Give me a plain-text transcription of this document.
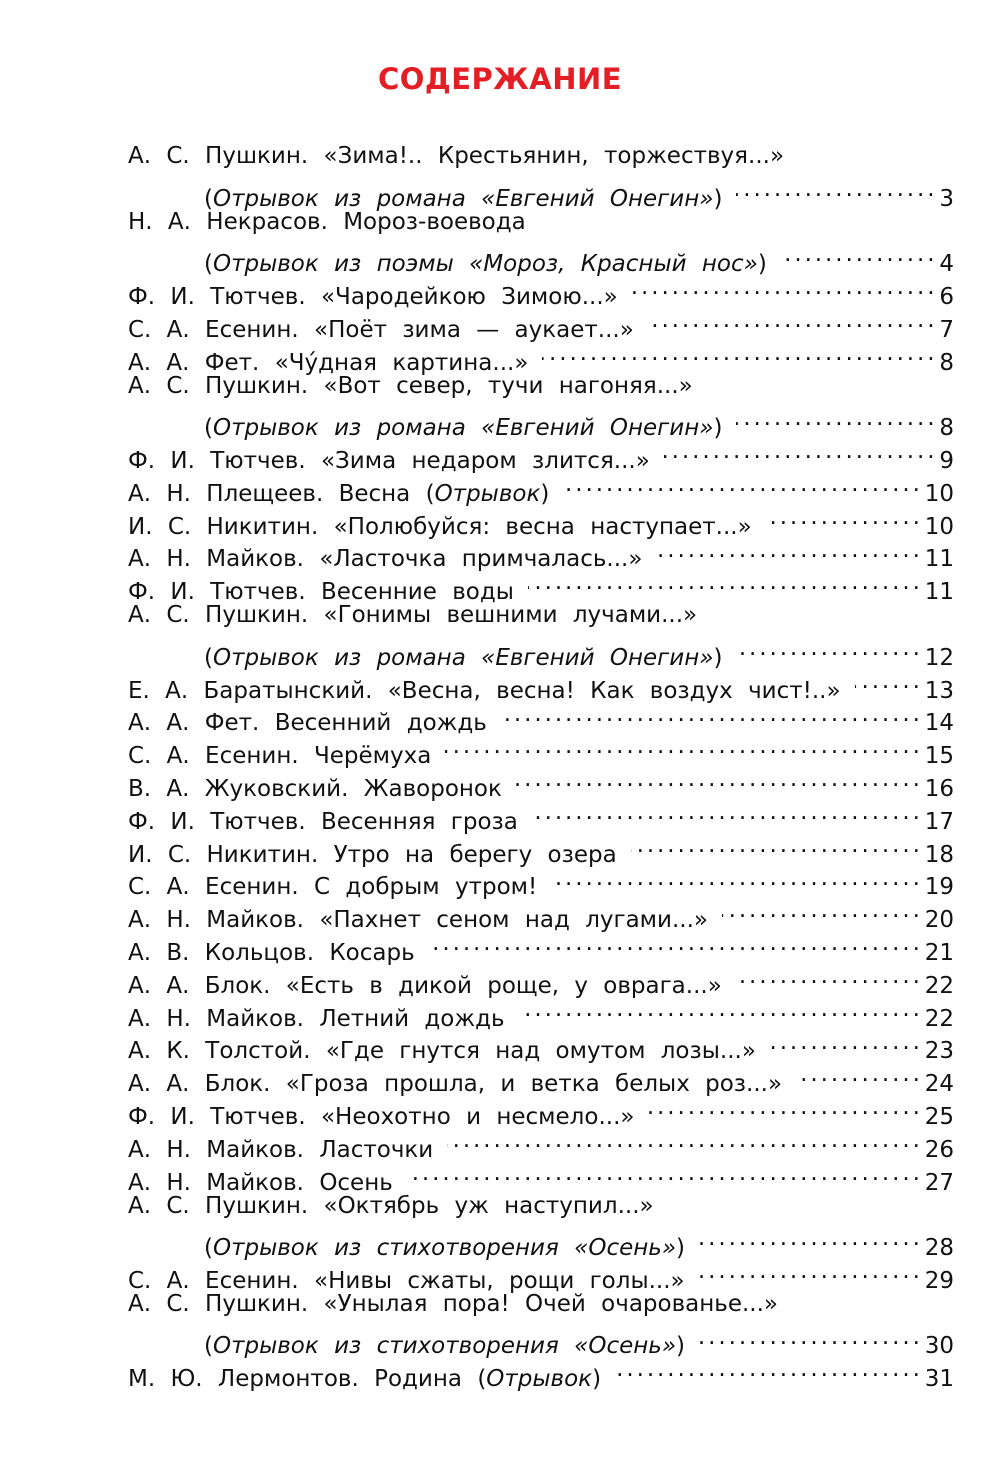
СОДЕРЖАНИЕ
А. С. Пушкин. «Зима!.. Крестьянин, торжествуя...»
(Отрывок из романа «Евгений Онегин») . . .	3
Н. А. Некрасов. Мороз-воевода
(Отрывок из поэмы «Мороз, Красный нос») . . .	4
Ф. И. Тютчев. «Чародейкою Зимою...» . . .	6
С. А. Есенин. «Поёт зима — аукает...» . . .	7
А. А. Фет. «Чу́дная картина...» . . .	8
А. С. Пушкин. «Вот север, тучи нагоняя...»
(Отрывок из романа «Евгений Онегин») . . .	8
Ф. И. Тютчев. «Зима недаром злится...» . . .	9
А. Н. Плещеев. Весна (Отрывок) . . .	10
И. С. Никитин. «Полюбуйся: весна наступает...» . . .	10
А. Н. Майков. «Ласточка примчалась...» . . .	11
Ф. И. Тютчев. Весенние воды . . .	11
А. С. Пушкин. «Гонимы вешними лучами...»
(Отрывок из романа «Евгений Онегин») . . .	12
Е. А. Баратынский. «Весна, весна! Как воздух чист!..» . . .	13
А. А. Фет. Весенний дождь . . .	14
С. А. Есенин. Черёмуха . . .	15
В. А. Жуковский. Жаворонок . . .	16
Ф. И. Тютчев. Весенняя гроза . . .	17
И. С. Никитин. Утро на берегу озера . . .	18
С. А. Есенин. С добрым утром! . . .	19
А. Н. Майков. «Пахнет сеном над лугами...» . . .	20
А. В. Кольцов. Косарь . . .	21
А. А. Блок. «Есть в дикой роще, у оврага...» . . .	22
А. Н. Майков. Летний дождь . . .	22
А. К. Толстой. «Где гнутся над омутом лозы...» . . .	23
А. А. Блок. «Гроза прошла, и ветка белых роз...» . . .	24
Ф. И. Тютчев. «Неохотно и несмело...» . . .	25
А. Н. Майков. Ласточки . . .	26
А. Н. Майков. Осень . . .	27
А. С. Пушкин. «Октябрь уж наступил...»
(Отрывок из стихотворения «Осень») . . .	28
С. А. Есенин. «Нивы сжаты, рощи голы...» . . .	29
А. С. Пушкин. «Унылая пора! Очей очарованье...»
(Отрывок из стихотворения «Осень») . . .	30
М. Ю. Лермонтов. Родина (Отрывок) . . .	31
